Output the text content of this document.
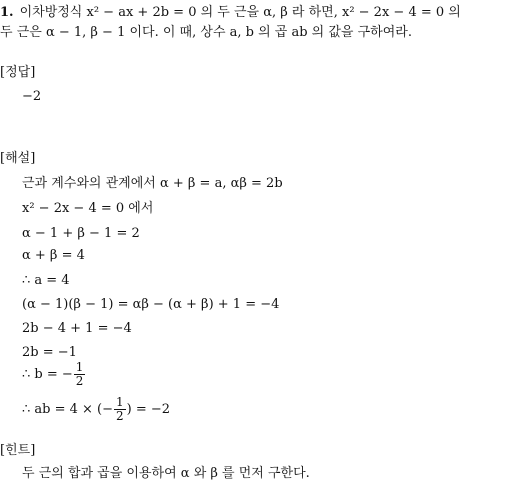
1. 이차방정식 x² − ax + 2b = 0 의 두 근을 α, β 라 하면, x² − 2x − 4 = 0 의
두 근은 α − 1, β − 1 이다. 이 때, 상수 a, b 의 곱 ab 의 값을 구하여라.
[정답]
−2
[해설]
근과 계수와의 관계에서 α + β = a, αβ = 2b
x² − 2x − 4 = 0 에서
α − 1 + β − 1 = 2
α + β = 4
∴ a = 4
(α − 1)(β − 1) = αβ − (α + β) + 1 = −4
2b − 4 + 1 = −4
2b = −1
∴ b = − $\frac{1}{2}$
∴ ab = 4 × (− $\frac{1}{2}$ ) = −2
[힌트]
두 근의 합과 곱을 이용하여 α 와 β 를 먼저 구한다.
